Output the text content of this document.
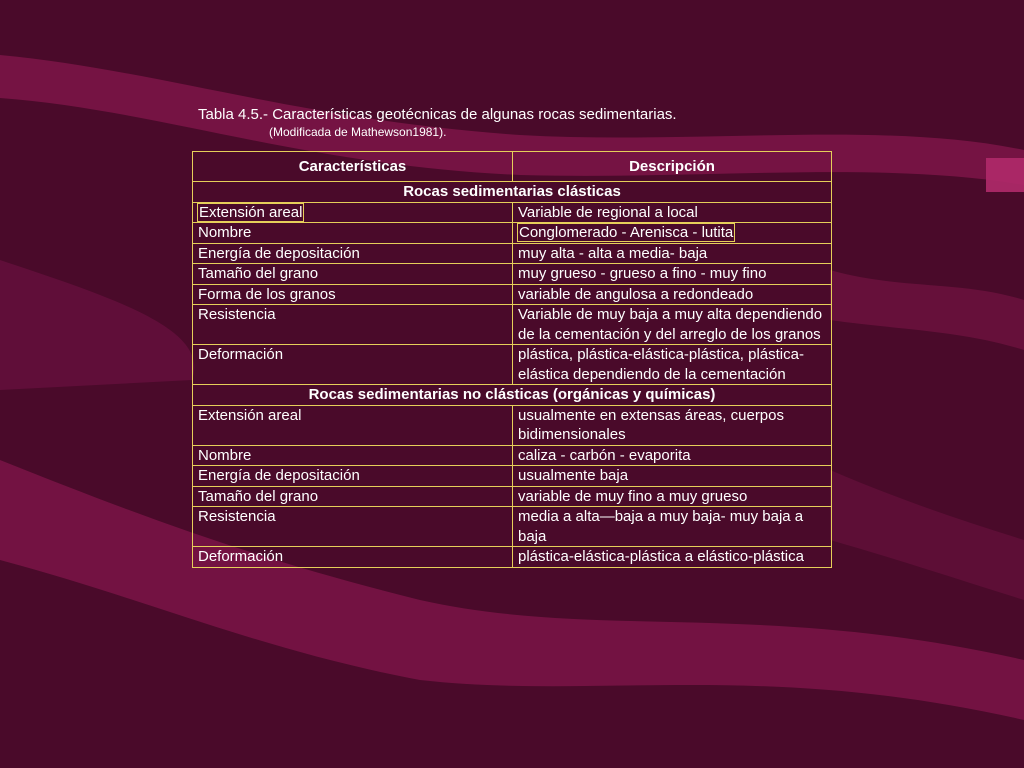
Tabla 4.5.- Características geotécnicas de algunas rocas sedimentarias.
(Modificada de Mathewson1981).
Características	Descripción
Rocas sedimentarias clásticas	
Extensión areal	Variable de regional a local
Nombre	Conglomerado - Arenisca - lutita
Energía de depositación	muy alta - alta a media- baja
Tamaño del grano	muy grueso - grueso a fino - muy fino
Forma de los granos	variable de angulosa a redondeado
Resistencia	Variable de muy baja a muy alta dependiendo de la cementación y del arreglo de los granos
Deformación	plástica, plástica-elástica-plástica, plástica-elástica dependiendo de la cementación
Rocas sedimentarias no clásticas (orgánicas y químicas)	
Extensión areal	usualmente en extensas áreas, cuerpos bidimensionales
Nombre	caliza - carbón - evaporita
Energía de depositación	usualmente baja
Tamaño del grano	variable de muy fino a muy grueso
Resistencia	media a alta—baja a muy baja- muy baja a baja
Deformación	plástica-elástica-plástica a elástico-plástica
